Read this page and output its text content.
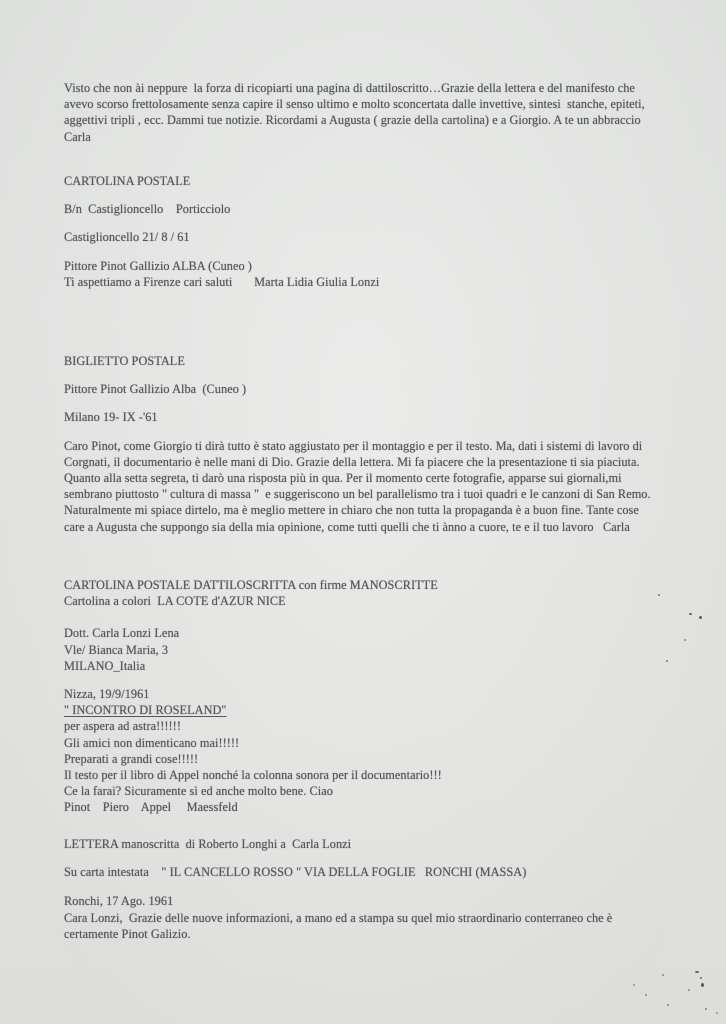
Visto che non ài neppure  la forza di ricopiarti una pagina di dattiloscritto…Grazie della lettera e del manifesto che
avevo scorso frettolosamente senza capire il senso ultimo e molto sconcertata dalle invettive, sintesi  stanche, epiteti,
aggettivi tripli , ecc. Dammi tue notizie. Ricordami a Augusta ( grazie della cartolina) e a Giorgio. A te un abbraccio
Carla
CARTOLINA POSTALE
B/n  Castiglioncello    Porticciolo
Castiglioncello 21/ 8 / 61
Pittore Pinot Gallizio ALBA (Cuneo )
Ti aspettiamo a Firenze cari saluti       Marta Lidia Giulia Lonzi
BIGLIETTO POSTALE
Pittore Pinot Gallizio Alba  (Cuneo )
Milano 19- IX -'61
Caro Pinot, come Giorgio ti dirà tutto è stato aggiustato per il montaggio e per il testo. Ma, dati i sistemi di lavoro di
Corgnati, il documentario è nelle mani di Dio. Grazie della lettera. Mi fa piacere che la presentazione ti sia piaciuta.
Quanto alla setta segreta, ti darò una risposta più in qua. Per il momento certe fotografie, apparse sui giornali,mi
sembrano piuttosto " cultura di massa "  e suggeriscono un bel parallelismo tra i tuoi quadri e le canzoni di San Remo.
Naturalmente mi spiace dirtelo, ma è meglio mettere in chiaro che non tutta la propaganda è a buon fine. Tante cose
care a Augusta che suppongo sia della mia opinione, come tutti quelli che ti ànno a cuore, te e il tuo lavoro   Carla
CARTOLINA POSTALE DATTILOSCRITTA con firme MANOSCRITTE
Cartolina a colori  LA COTE d'AZUR NICE
Dott. Carla Lonzi Lena
Vle/ Bianca Maria, 3
MILANO_Italia
Nizza, 19/9/1961
" INCONTRO DI ROSELAND"
per aspera ad astra!!!!!!
Gli amici non dimenticano mai!!!!!
Preparati a grandi cose!!!!!
Il testo per il libro di Appel nonché la colonna sonora per il documentario!!!
Ce la farai? Sicuramente sì ed anche molto bene. Ciao
Pinot    Piero    Appel     Maessfeld
LETTERA manoscritta  di Roberto Longhi a  Carla Lonzi
Su carta intestata    " IL CANCELLO ROSSO " VIA DELLA FOGLIE   RONCHI (MASSA)
Ronchi, 17 Ago. 1961
Cara Lonzi,  Grazie delle nuove informazioni, a mano ed a stampa su quel mio straordinario conterraneo che è
certamente Pinot Galizio.
